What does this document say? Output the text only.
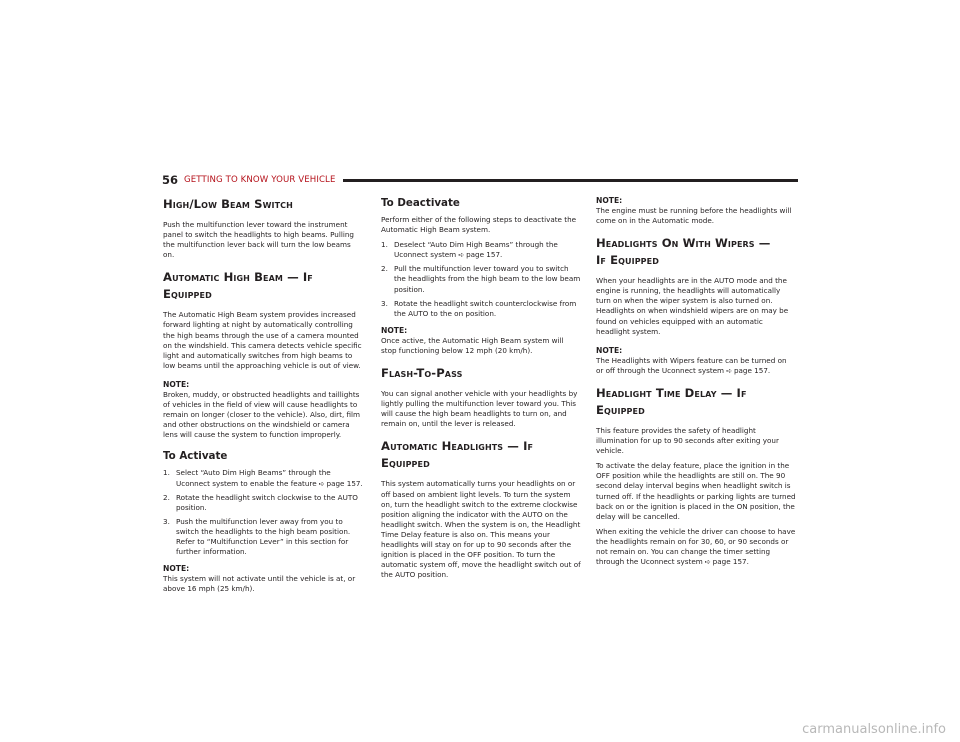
56 GETTING TO KNOW YOUR VEHICLE
High/Low Beam Switch

Push the multifunction lever toward the instrument panel to switch the headlights to high beams. Pulling the multifunction lever back will turn the low beams on.

Automatic High Beam — If Equipped

The Automatic High Beam system provides increased forward lighting at night by automatically controlling the high beams through the use of a camera mounted on the windshield. This camera detects vehicle specific light and automatically switches from high beams to low beams until the approaching vehicle is out of view.

NOTE:

Broken, muddy, or obstructed headlights and taillights of vehicles in the field of view will cause headlights to remain on longer (closer to the vehicle). Also, dirt, film and other obstructions on the windshield or camera lens will cause the system to function improperly.

To Activate
1. Select “Auto Dim High Beams” through the Uconnect system to enable the feature ➪ page 157.
2. Rotate the headlight switch clockwise to the AUTO position.
3. Push the multifunction lever away from you to switch the headlights to the high beam position. Refer to “Multifunction Lever” in this section for further information.
NOTE:

This system will not activate until the vehicle is at, or above 16 mph (25 km/h).

To Deactivate

Perform either of the following steps to deactivate the Automatic High Beam system.

1. Deselect “Auto Dim High Beams” through the Uconnect system ➪ page 157.
2. Pull the multifunction lever toward you to switch the headlights from the high beam to the low beam position.
3. Rotate the headlight switch counterclockwise from the AUTO to the on position.
NOTE:

Once active, the Automatic High Beam system will stop functioning below 12 mph (20 km/h).

Flash-To-Pass

You can signal another vehicle with your headlights by lightly pulling the multifunction lever toward you. This will cause the high beam headlights to turn on, and remain on, until the lever is released.

Automatic Headlights — If Equipped

This system automatically turns your headlights on or off based on ambient light levels. To turn the system on, turn the headlight switch to the extreme clockwise position aligning the indicator with the AUTO on the headlight switch. When the system is on, the Headlight Time Delay feature is also on. This means your headlights will stay on for up to 90 seconds after the ignition is placed in the OFF position. To turn the automatic system off, move the headlight switch out of the AUTO position.

NOTE:

The engine must be running before the headlights will come on in the Automatic mode.

Headlights On With Wipers —
If Equipped

When your headlights are in the AUTO mode and the engine is running, the headlights will automatically turn on when the wiper system is also turned on. Headlights on when windshield wipers are on may be found on vehicles equipped with an automatic headlight system.

NOTE:

The Headlights with Wipers feature can be turned on or off through the Uconnect system ➪ page 157.

Headlight Time Delay — If Equipped

This feature provides the safety of headlight illumination for up to 90 seconds after exiting your vehicle.

To activate the delay feature, place the ignition in the OFF position while the headlights are still on. The 90 second delay interval begins when headlight switch is turned off. If the headlights or parking lights are turned back on or the ignition is placed in the ON position, the delay will be cancelled.

When exiting the vehicle the driver can choose to have the headlights remain on for 30, 60, or 90 seconds or not remain on. You can change the timer setting through the Uconnect system ➪ page 157.

carmanualsonline.info
